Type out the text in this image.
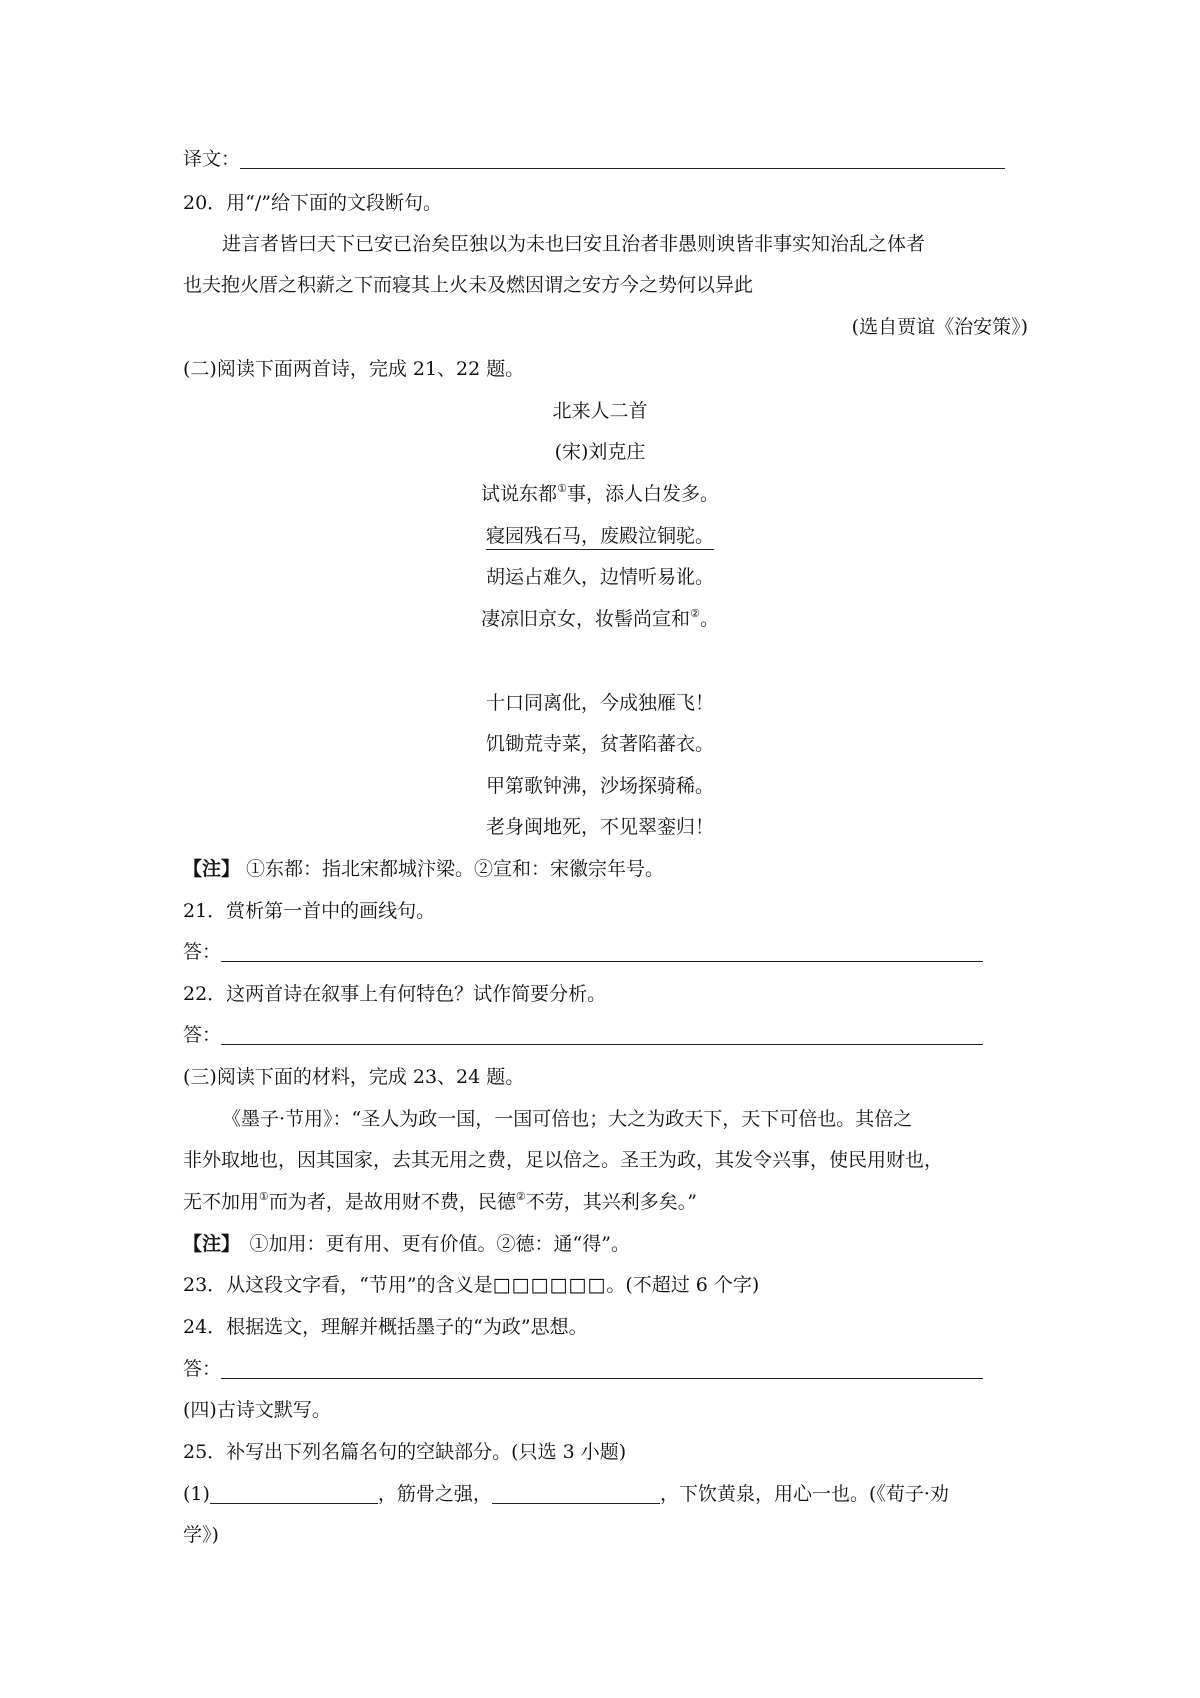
译文：
20．用“/”给下面的文段断句。
进言者皆曰天下已安已治矣臣独以为未也曰安且治者非愚则谀皆非事实知治乱之体者
也夫抱火厝之积薪之下而寝其上火未及燃因谓之安方今之势何以异此
(选自贾谊《治安策》)
(二)阅读下面两首诗，完成 21、22 题。
北来人二首
(宋)刘克庄
试说东都①事，添人白发多。
寝园残石马，废殿泣铜驼。
胡运占难久，边情听易讹。
凄凉旧京女，妆髻尚宣和②。
十口同离仳，今成独雁飞！
饥锄荒寺菜，贫著陷蕃衣。
甲第歌钟沸，沙场探骑稀。
老身闽地死，不见翠銮归！
【注】 ①东都：指北宋都城汴梁。②宣和：宋徽宗年号。
21．赏析第一首中的画线句。
答：
22．这两首诗在叙事上有何特色？试作简要分析。
答：
(三)阅读下面的材料，完成 23、24 题。
《墨子·节用》：“圣人为政一国，一国可倍也；大之为政天下，天下可倍也。其倍之
非外取地也，因其国家，去其无用之费，足以倍之。圣王为政，其发令兴事，使民用财也，
无不加用①而为者，是故用财不费，民德②不劳，其兴利多矣。”
【注】　①加用：更有用、更有价值。②德：通“得”。
23．从这段文字看，“节用”的含义是□□□□□□。(不超过 6 个字)
24．根据选文，理解并概括墨子的“为政”思想。
答：
(四)古诗文默写。
25．补写出下列名篇名句的空缺部分。(只选 3 小题)
(1)	，筋骨之强，	，下饮黄泉，用心一也。(《荀子·劝
学》)
